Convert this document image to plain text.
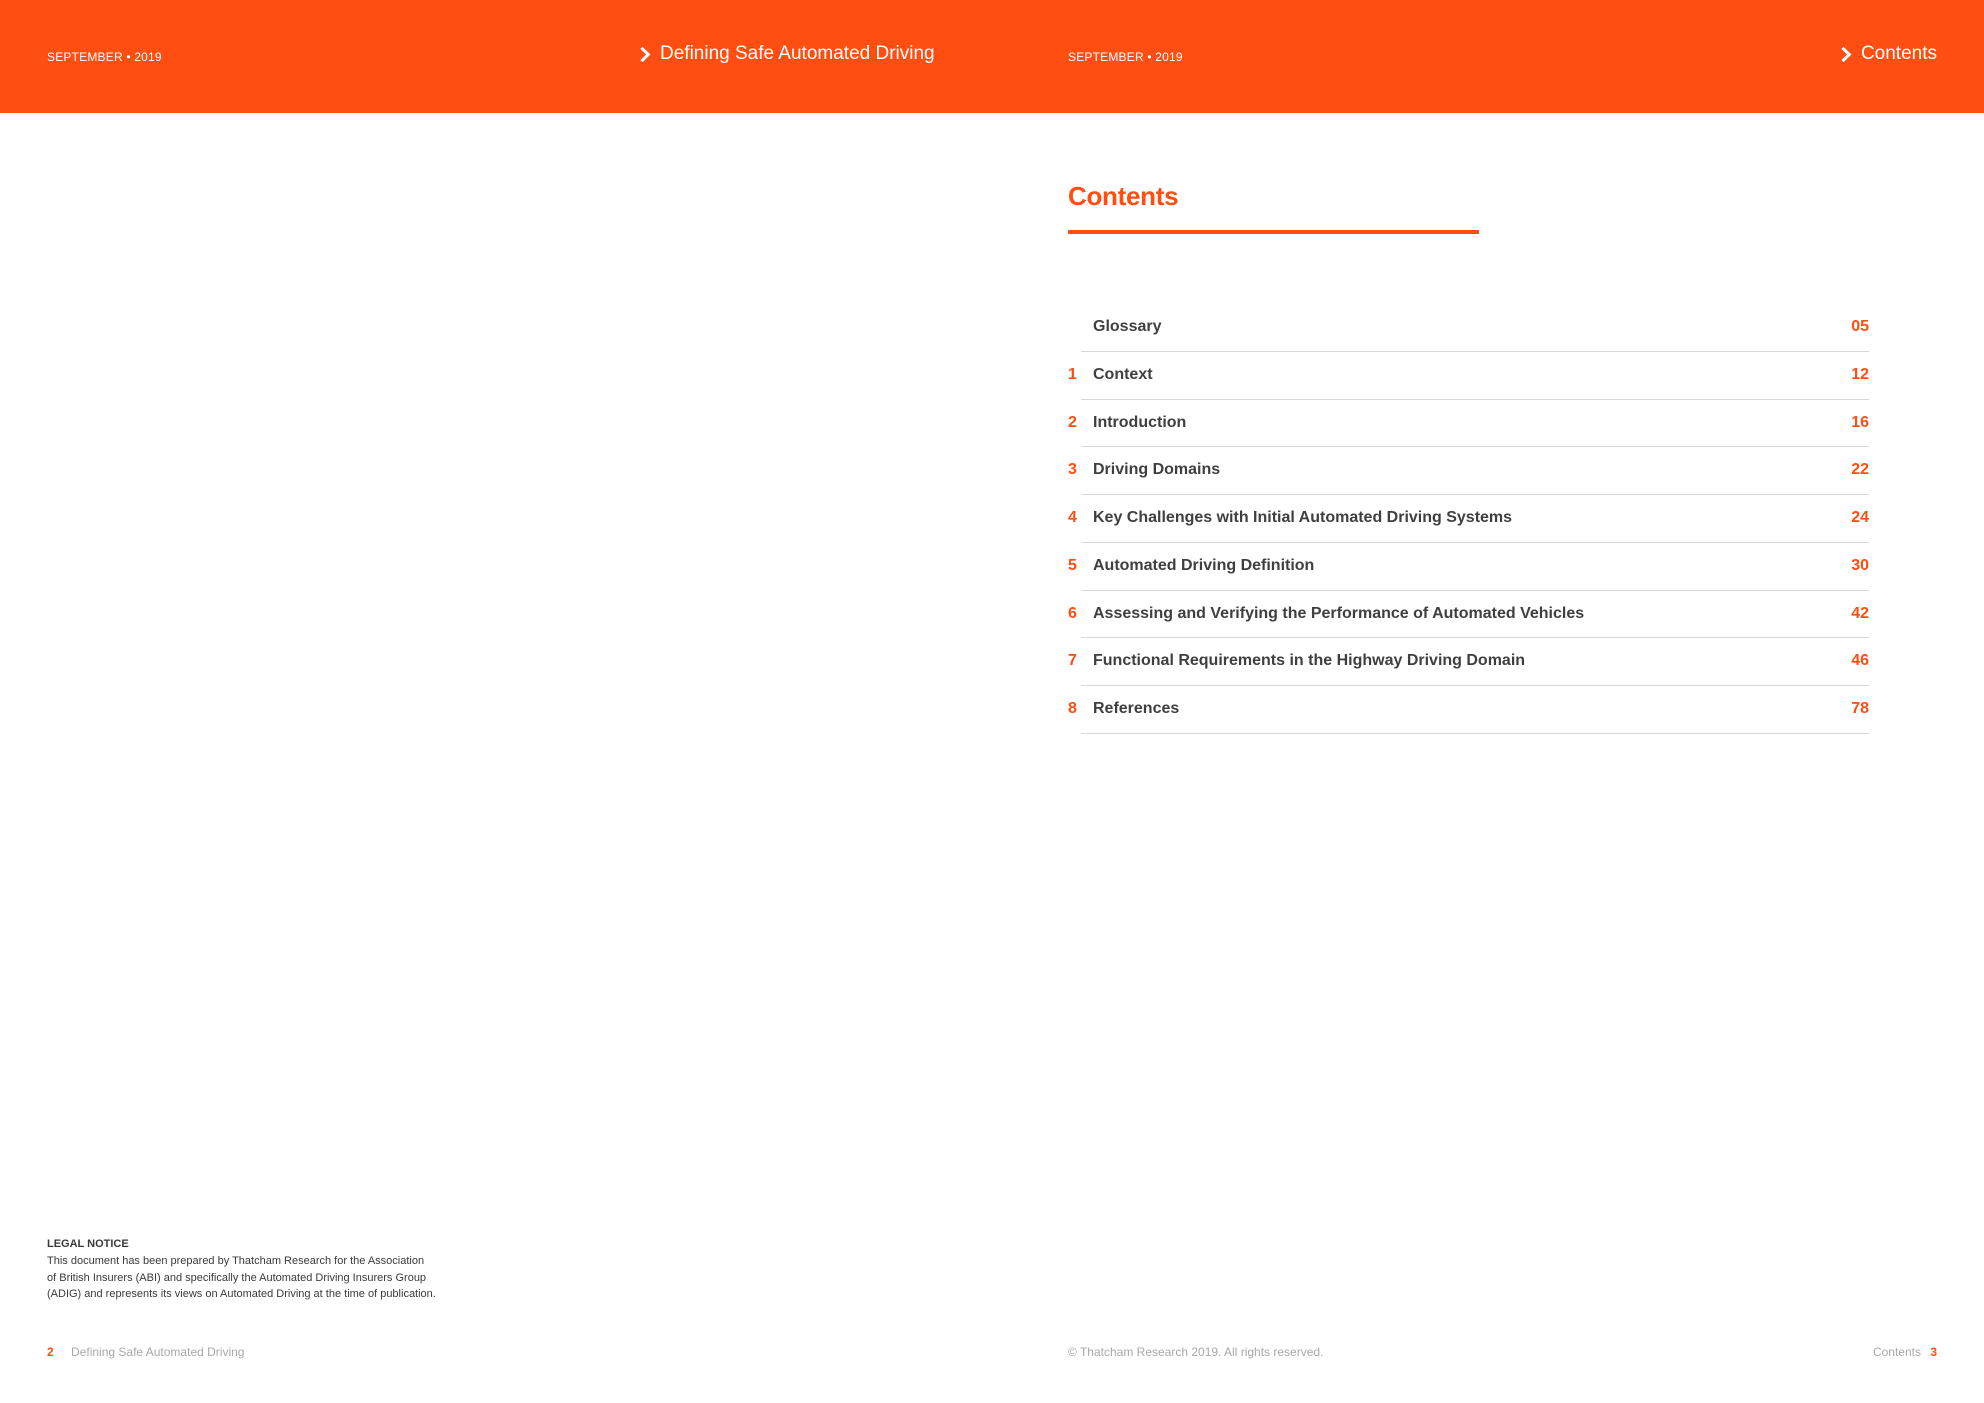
SEPTEMBER • 2019	Defining Safe Automated Driving	SEPTEMBER • 2019	Contents
Contents
Glossary	05
1 Context	12
2 Introduction	16
3 Driving Domains	22
4 Key Challenges with Initial Automated Driving Systems	24
5 Automated Driving Definition	30
6 Assessing and Verifying the Performance of Automated Vehicles	42
7 Functional Requirements in the Highway Driving Domain	46
8 References	78
LEGAL NOTICE
This document has been prepared by Thatcham Research for the Association
of British Insurers (ABI) and specifically the Automated Driving Insurers Group
(ADIG) and represents its views on Automated Driving at the time of publication.
2 Defining Safe Automated Driving	© Thatcham Research 2019. All rights reserved.	Contents 3
